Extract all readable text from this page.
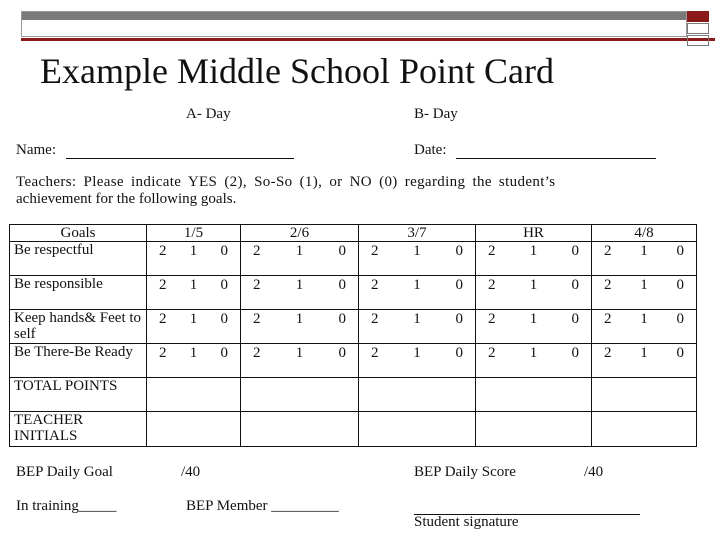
Example Middle School Point Card
A- Day	B- Day
Name:	Date:
Teachers: Please indicate YES (2), So-So (1), or NO (0) regarding the student’s
achievement for the following goals.
Goals	1/5	2/6	3/7	HR	4/8
Be respectful	2 1 0	2 1 0	2 1 0	2 1 0	2 1 0

Be responsible	2 1 0	2 1 0	2 1 0	2 1 0	2 1 0

Keep hands& Feet to self	2 1 0	2 1 0	2 1 0	2 1 0	2 1 0

Be There-Be Ready	2 1 0	2 1 0	2 1 0	2 1 0	2 1 0

TOTAL POINTS					
TEACHER INITIALS					
BEP Daily Goal	/40	BEP Daily Score	/40
In training_____	BEP Member _________
Student signature
